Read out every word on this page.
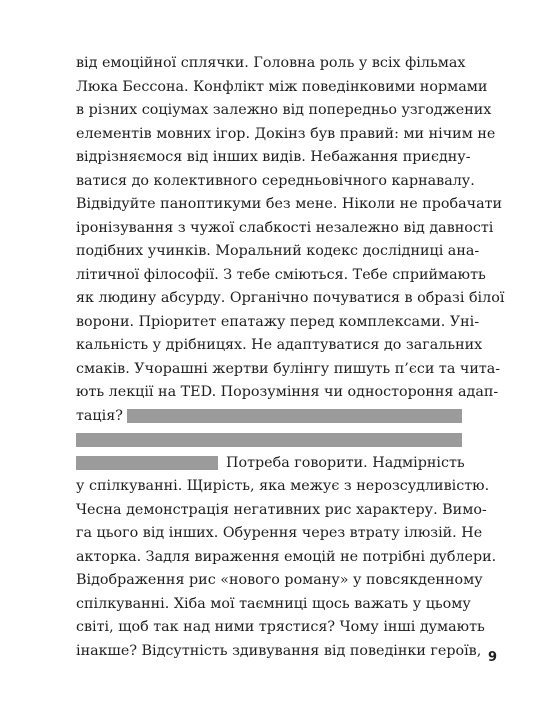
від емоційної сплячки. Головна роль у всіх фільмах
Люка Бессона. Конфлікт між поведінковими нормами
в різних соціумах залежно від попередньо узгоджених
елементів мовних ігор. Докінз був правий: ми нічим не
відрізняємося від інших видів. Небажання приєдну-
ватися до колективного середньовічного карнавалу.
Відвідуйте паноптикуми без мене. Ніколи не пробачати
іронізування з чужої слабкості незалежно від давності
подібних учинків. Моральний кодекс дослідниці ана-
літичної філософії. З тебе сміються. Тебе сприймають
як людину абсурду. Органічно почуватися в образі білої
ворони. Пріоритет епатажу перед комплексами. Уні-
кальність у дрібницях. Не адаптуватися до загальних
смаків. Учорашні жертви булінгу пишуть п’єси та чита-
ють лекції на TED. Порозуміння чи одностороння адап-
тація?
Потреба говорити. Надмірність
у спілкуванні. Щирість, яка межує з нерозсудливістю.
Чесна демонстрація негативних рис характеру. Вимо-
га цього від інших. Обурення через втрату ілюзій. Не
акторка. Задля вираження емоцій не потрібні дублери.
Відображення рис «нового роману» у повсякденному
спілкуванні. Хіба мої таємниці щось важать у цьому
світі, щоб так над ними трястися? Чому інші думають
інакше? Відсутність здивування від поведінки героїв, 9
